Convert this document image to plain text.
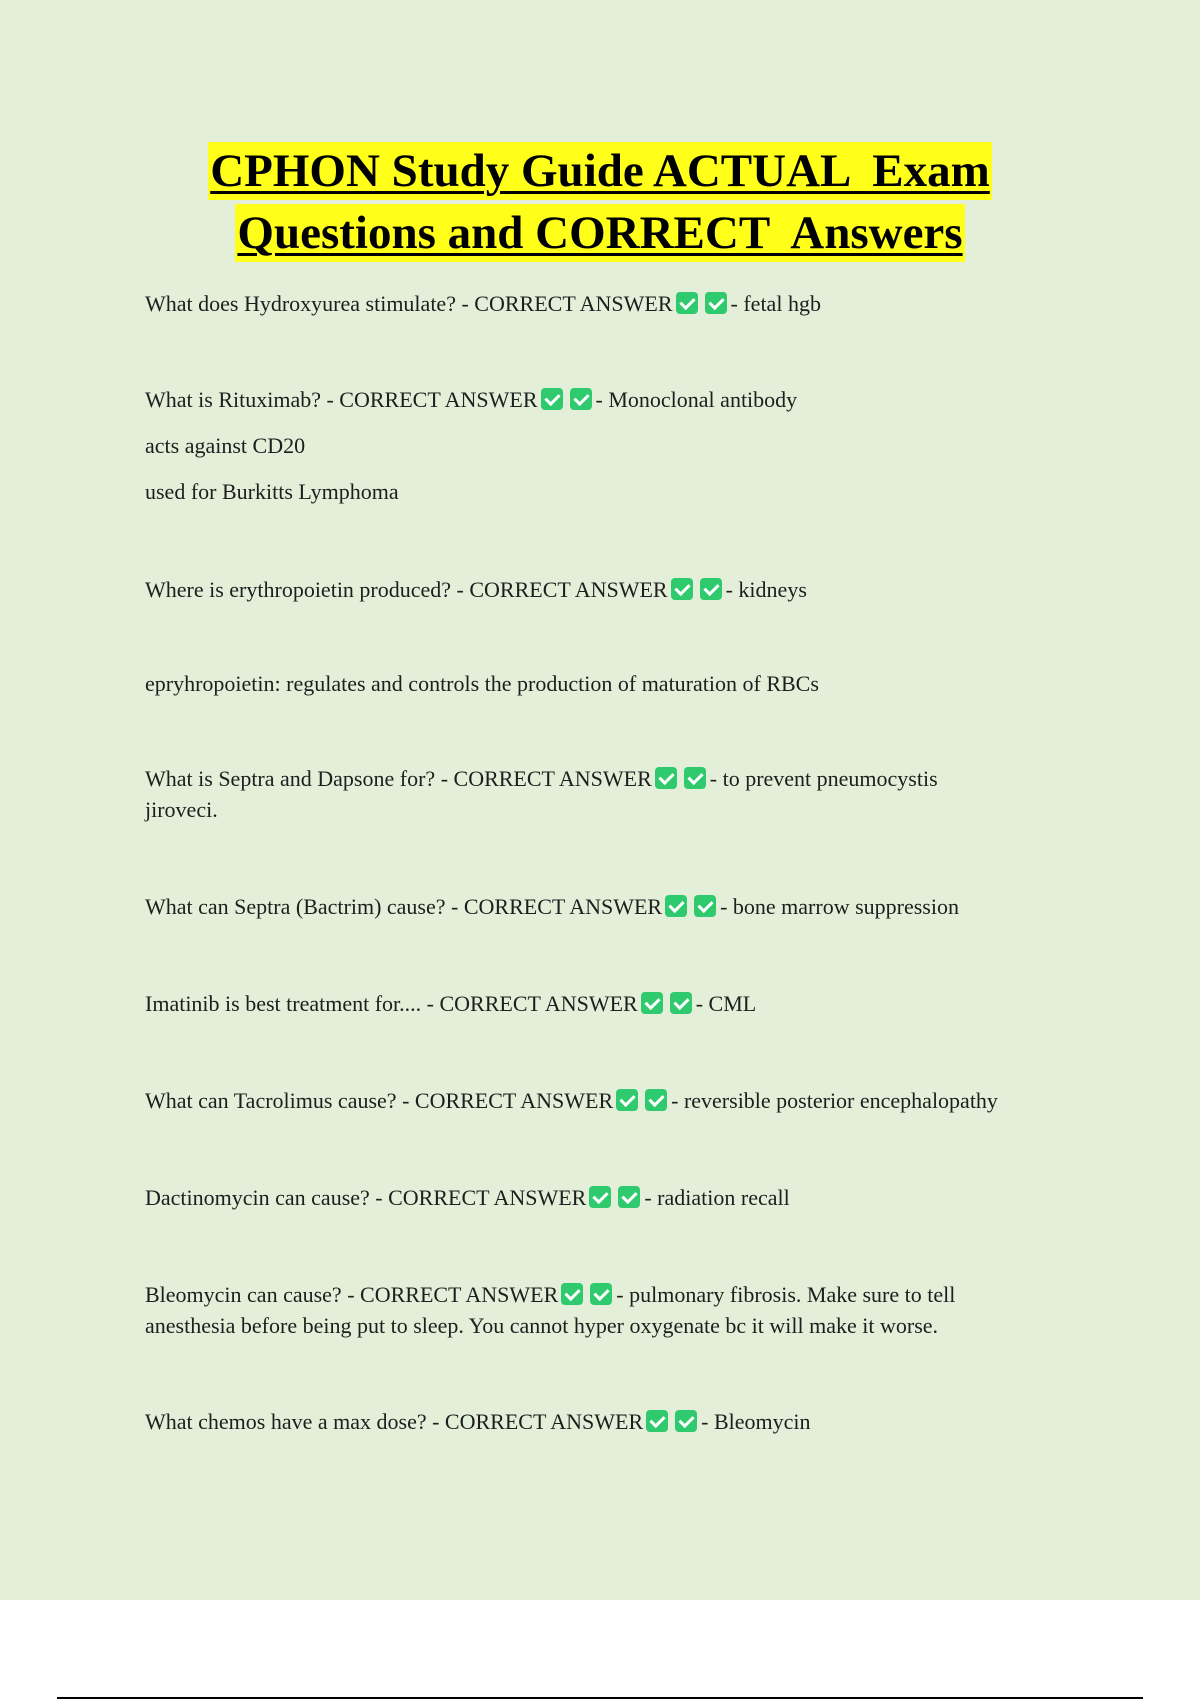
CPHON Study Guide ACTUAL  Exam
Questions and CORRECT  Answers
What does Hydroxyurea stimulate? - CORRECT ANSWER	- fetal hgb
What is Rituximab? - CORRECT ANSWER	- Monoclonal antibody
acts against CD20
used for Burkitts Lymphoma
Where is erythropoietin produced? - CORRECT ANSWER	- kidneys
epryhropoietin: regulates and controls the production of maturation of RBCs
What is Septra and Dapsone for? - CORRECT ANSWER	- to prevent pneumocystis
jiroveci.
What can Septra (Bactrim) cause? - CORRECT ANSWER	- bone marrow suppression
Imatinib is best treatment for.... - CORRECT ANSWER	- CML
What can Tacrolimus cause? - CORRECT ANSWER	- reversible posterior encephalopathy
Dactinomycin can cause? - CORRECT ANSWER	- radiation recall
Bleomycin can cause? - CORRECT ANSWER	- pulmonary fibrosis. Make sure to tell
anesthesia before being put to sleep. You cannot hyper oxygenate bc it will make it worse.
What chemos have a max dose? - CORRECT ANSWER	- Bleomycin
